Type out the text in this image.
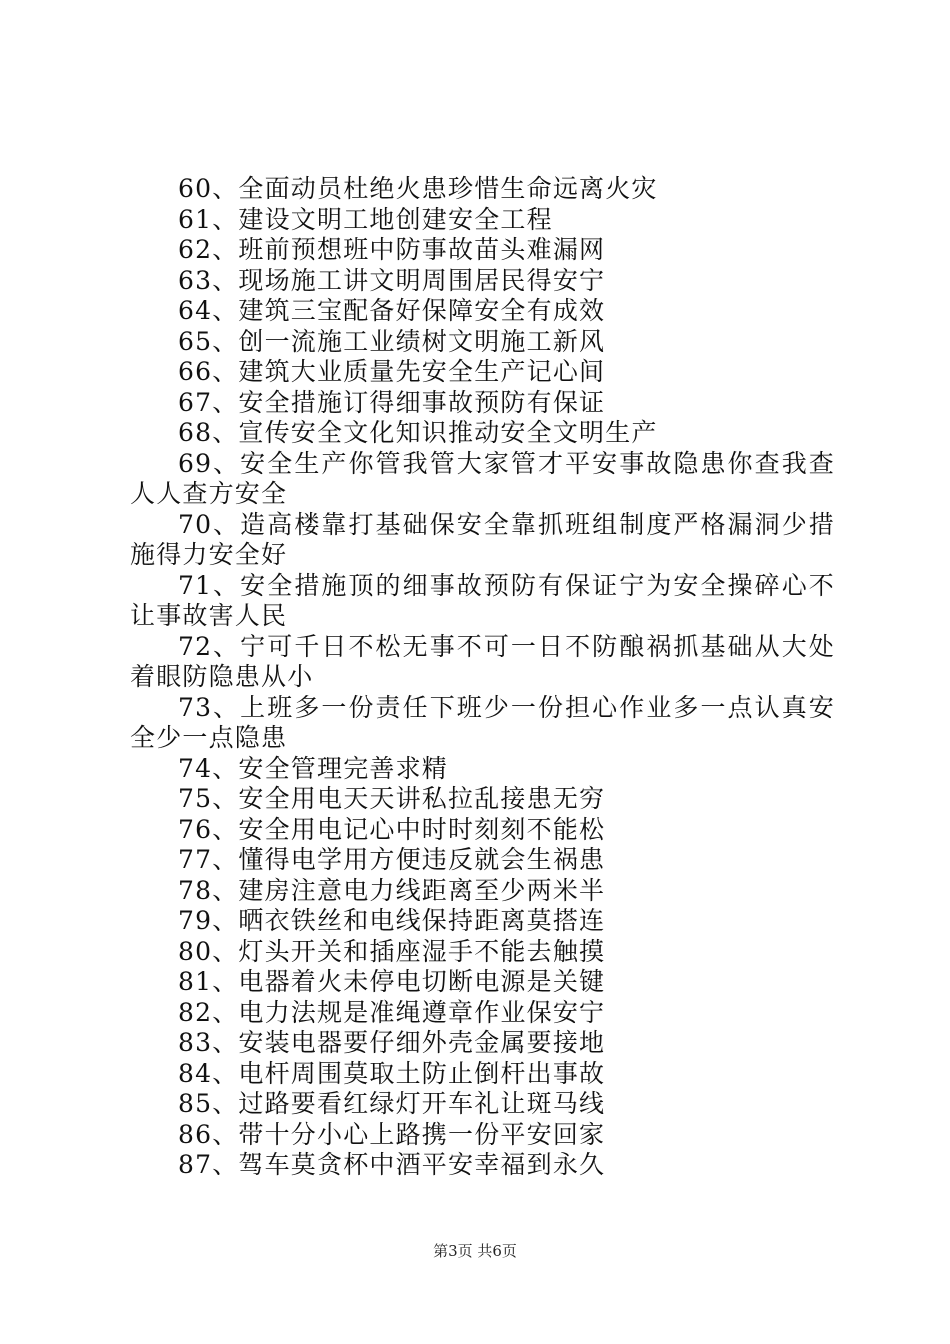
60、全面动员杜绝火患珍惜生命远离火灾

61、建设文明工地创建安全工程

62、班前预想班中防事故苗头难漏网

63、现场施工讲文明周围居民得安宁

64、建筑三宝配备好保障安全有成效

65、创一流施工业绩树文明施工新风

66、建筑大业质量先安全生产记心间

67、安全措施订得细事故预防有保证

68、宣传安全文化知识推动安全文明生产

69、安全生产你管我管大家管才平安事故隐患你查我查人人查方安全

70、造高楼靠打基础保安全靠抓班组制度严格漏洞少措施得力安全好

71、安全措施顶的细事故预防有保证宁为安全操碎心不让事故害人民

72、宁可千日不松无事不可一日不防酿祸抓基础从大处着眼防隐患从小

73、上班多一份责任下班少一份担心作业多一点认真安全少一点隐患

74、安全管理完善求精

75、安全用电天天讲私拉乱接患无穷

76、安全用电记心中时时刻刻不能松

77、懂得电学用方便违反就会生祸患

78、建房注意电力线距离至少两米半

79、晒衣铁丝和电线保持距离莫搭连

80、灯头开关和插座湿手不能去触摸

81、电器着火未停电切断电源是关键

82、电力法规是准绳遵章作业保安宁

83、安装电器要仔细外壳金属要接地

84、电杆周围莫取土防止倒杆出事故

85、过路要看红绿灯开车礼让斑马线

86、带十分小心上路携一份平安回家

87、驾车莫贪杯中酒平安幸福到永久

第3页 共6页
